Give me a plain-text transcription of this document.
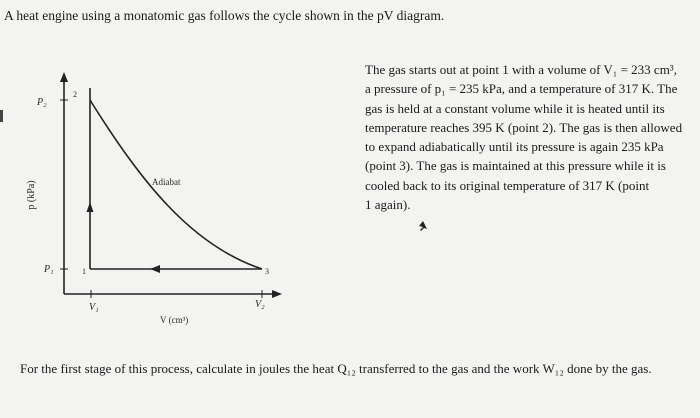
A heat engine using a monatomic gas follows the cycle shown in the pV diagram.
p (kPa)
P₂
P₁
2
1	3
Adiabat
V₁	V₂
V (cm³)

The gas starts out at point 1 with a volume of V₁ = 233 cm³,
a pressure of p₁ = 235 kPa, and a temperature of 317 K. The
gas is held at a constant volume while it is heated until its
temperature reaches 395 K (point 2). The gas is then allowed
to expand adiabatically until its pressure is again 235 kPa
(point 3). The gas is maintained at this pressure while it is
cooled back to its original temperature of 317 K (point
1 again).

For the first stage of this process, calculate in joules the heat Q₁₂ transferred to the gas and the work W₁₂ done by the gas.
